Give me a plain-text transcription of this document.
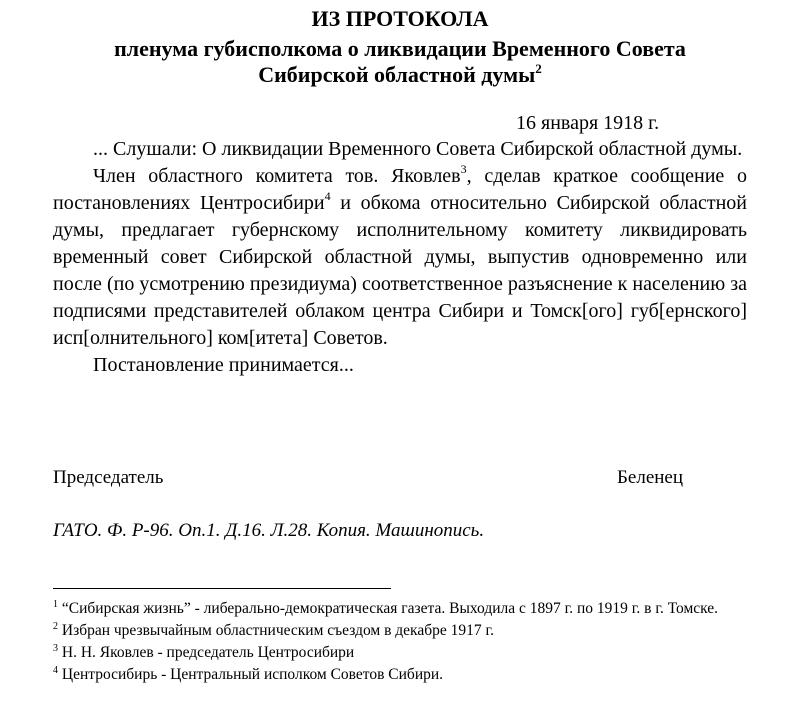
ИЗ ПРОТОКОЛА
пленума губисполкома о ликвидации Временного Совета
Сибирской областной думы$^2$
16 января 1918 г.

... Слушали: О ликвидации Временного Совета Сибирской областной думы.

Член областного комитета тов. Яковлев$^3$, сделав краткое сообщение о постановлениях Центросибири$^4$ и обкома относительно Сибирской областной думы, предлагает губернскому исполнительному комитету ликвидировать временный совет Сибирской областной думы, выпустив одновременно или после (по усмотрению президиума) соответственное разъяснение к населению за подписями представителей облаком центра Сибири и Томск[ого] губ[ернского] исп[олнительного] ком[итета] Советов.

Постановление принимается...

Председатель	Беленец
ГАТО. Ф. Р-96. Оп.1. Д.16. Л.28. Копия. Машинопись.

$^1$ “Сибирская жизнь” - либерально-демократическая газета. Выходила с 1897 г. по 1919 г. в г. Томске.

$^2$ Избран чрезвычайным областническим съездом в декабре 1917 г.

$^3$ Н. Н. Яковлев - председатель Центросибири

$^4$ Центросибирь - Центральный исполком Советов Сибири.
